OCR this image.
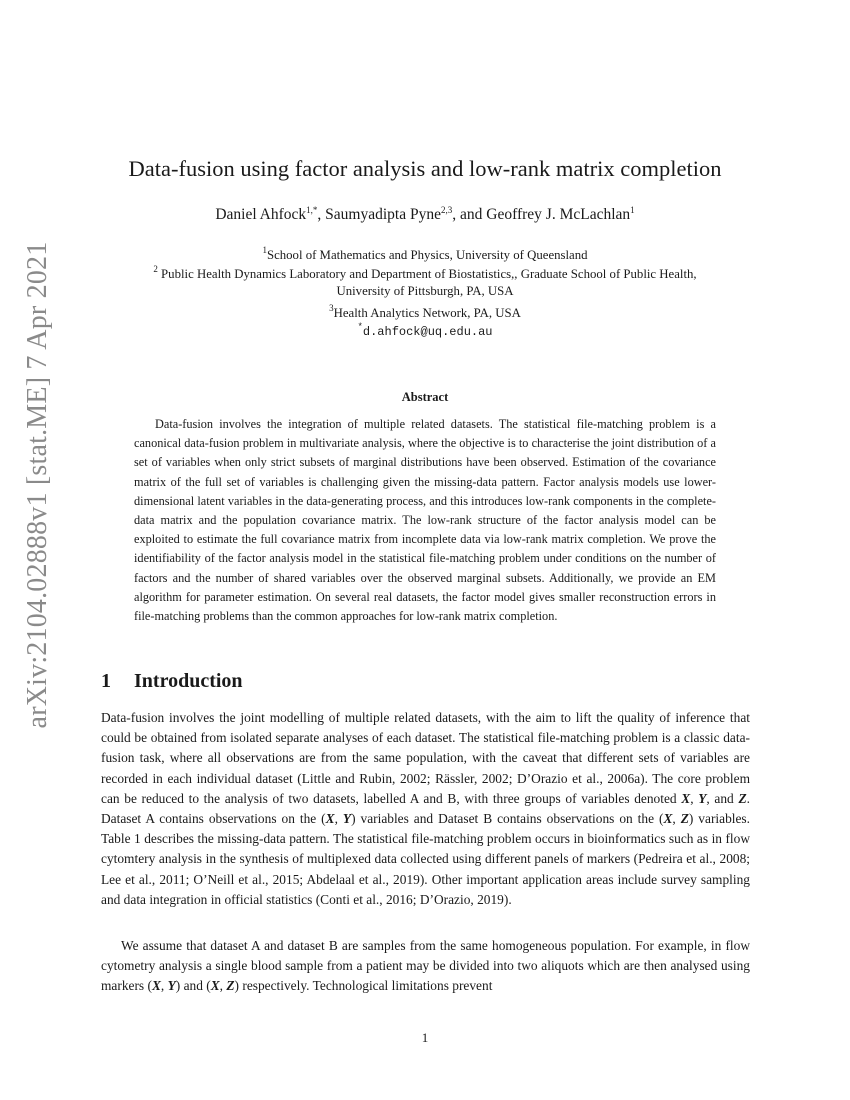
arXiv:2104.02888v1 [stat.ME] 7 Apr 2021
Data-fusion using factor analysis and low-rank matrix completion
Daniel Ahfock$^{1,*}$, Saumyadipta Pyne$^{2,3}$, and Geoffrey J. McLachlan$^1$
$^1$School of Mathematics and Physics, University of Queensland
$^2$ Public Health Dynamics Laboratory and Department of Biostatistics,, Graduate School of Public Health,
University of Pittsburgh, PA, USA
$^3$Health Analytics Network, PA, USA
*d.ahfock@uq.edu.au
Abstract
Data-fusion involves the integration of multiple related datasets. The statistical file-matching problem is a canonical data-fusion problem in multivariate analysis, where the objective is to characterise the joint distribution of a set of variables when only strict subsets of marginal distributions have been observed. Estimation of the covariance matrix of the full set of variables is challenging given the missing-data pattern. Factor analysis models use lower-dimensional latent variables in the data-generating process, and this introduces low-rank components in the complete-data matrix and the population covariance matrix. The low-rank structure of the factor analysis model can be exploited to estimate the full covariance matrix from incomplete data via low-rank matrix completion. We prove the identifiability of the factor analysis model in the statistical file-matching problem under conditions on the number of factors and the number of shared variables over the observed marginal subsets. Additionally, we provide an EM algorithm for parameter estimation. On several real datasets, the factor model gives smaller reconstruction errors in file-matching problems than the common approaches for low-rank matrix completion.
1 Introduction
Data-fusion involves the joint modelling of multiple related datasets, with the aim to lift the quality of inference that could be obtained from isolated separate analyses of each dataset. The statistical file-matching problem is a classic data-fusion task, where all observations are from the same population, with the caveat that different sets of variables are recorded in each individual dataset (Little and Rubin, 2002; Rässler, 2002; D’Orazio et al., 2006a). The core problem can be reduced to the analysis of two datasets, labelled A and B, with three groups of variables denoted X, Y, and Z. Dataset A contains observations on the (X, Y) variables and Dataset B contains observations on the (X, Z) variables. Table 1 describes the missing-data pattern. The statistical file-matching problem occurs in bioinformatics such as in flow cytomtery analysis in the synthesis of multiplexed data collected using different panels of markers (Pedreira et al., 2008; Lee et al., 2011; O’Neill et al., 2015; Abdelaal et al., 2019). Other important application areas include survey sampling and data integration in official statistics (Conti et al., 2016; D’Orazio, 2019).
We assume that dataset A and dataset B are samples from the same homogeneous population. For example, in flow cytometry analysis a single blood sample from a patient may be divided into two aliquots which are then analysed using markers (X, Y) and (X, Z) respectively. Technological limitations prevent
1
